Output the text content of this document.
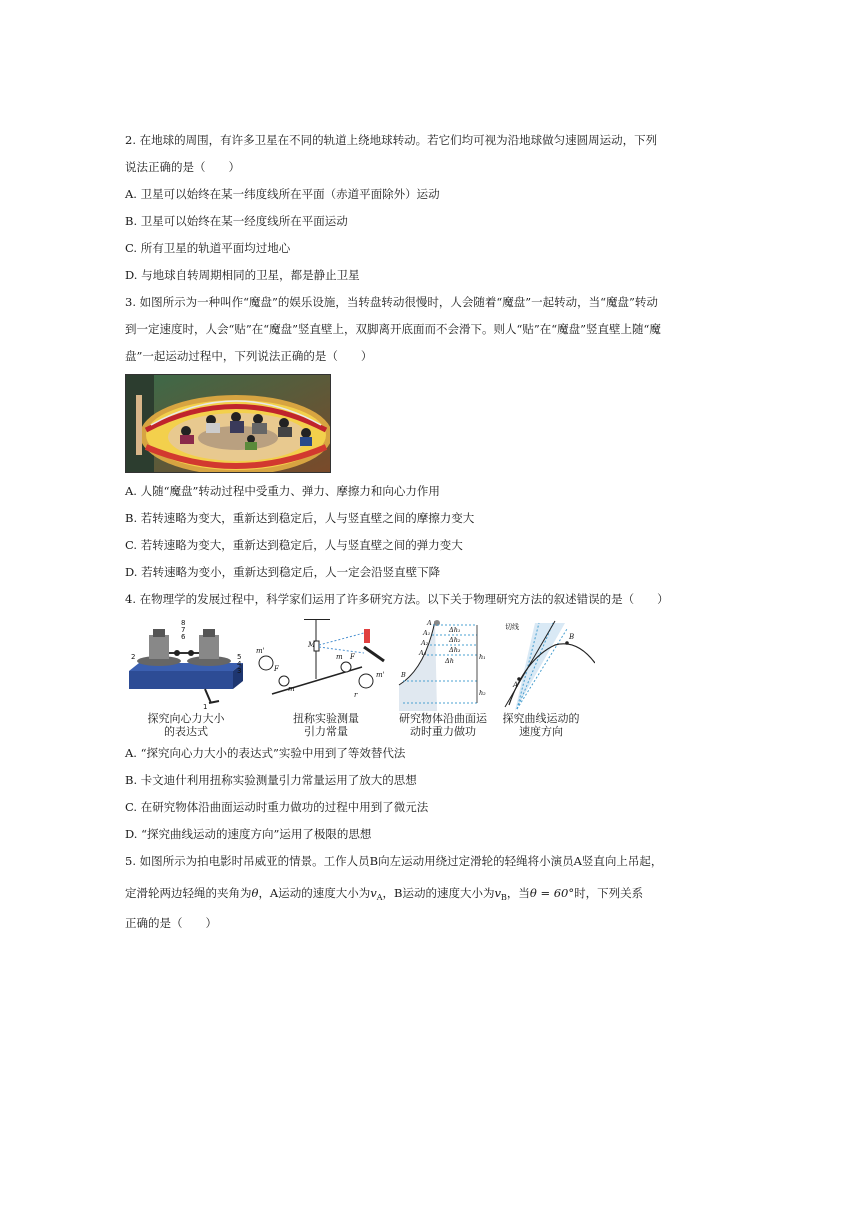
2. 在地球的周围，有许多卫星在不同的轨道上绕地球转动。若它们均可视为沿地球做匀速圆周运动，下列
说法正确的是（　　）
A. 卫星可以始终在某一纬度线所在平面（赤道平面除外）运动
B. 卫星可以始终在某一经度线所在平面运动
C. 所有卫星的轨道平面均过地心
D. 与地球自转周期相同的卫星，都是静止卫星
3. 如图所示为一种叫作“魔盘”的娱乐设施，当转盘转动很慢时，人会随着“魔盘”一起转动，当“魔盘”转动
到一定速度时，人会“贴”在“魔盘”竖直壁上，双脚离开底面而不会滑下。则人“贴”在“魔盘”竖直壁上随“魔
盘”一起运动过程中，下列说法正确的是（　　）
A. 人随“魔盘”转动过程中受重力、弹力、摩擦力和向心力作用
B. 若转速略为变大，重新达到稳定后，人与竖直壁之间的摩擦力变大
C. 若转速略为变大，重新达到稳定后，人与竖直壁之间的弹力变大
D. 若转速略为变小，重新达到稳定后，人一定会沿竖直壁下降
4. 在物理学的发展过程中，科学家们运用了许多研究方法。以下关于物理研究方法的叙述错误的是（　　）
8
7
6
5
4
3
2
1
探究向心力大小
的表达式
M
m'
F
m
F
m
m'
r
扭称实验测量
引力常量
A
A₁
A₂
A₃
Δh₁
Δh₂
Δh₃
Δh	h₁
B
h₂
研究物体沿曲面运
动时重力做功
切线
B
A
探究曲线运动的
速度方向
A. “探究向心力大小的表达式”实验中用到了等效替代法
B. 卡文迪什利用扭称实验测量引力常量运用了放大的思想
C. 在研究物体沿曲面运动时重力做功的过程中用到了微元法
D. “探究曲线运动的速度方向”运用了极限的思想
5. 如图所示为拍电影时吊威亚的情景。工作人员B向左运动用绕过定滑轮的轻绳将小演员A竖直向上吊起，
定滑轮两边轻绳的夹角为θ，A运动的速度大小为$v_A$，B运动的速度大小为$v_B$，当θ = 60°时，下列关系
正确的是（　　）
